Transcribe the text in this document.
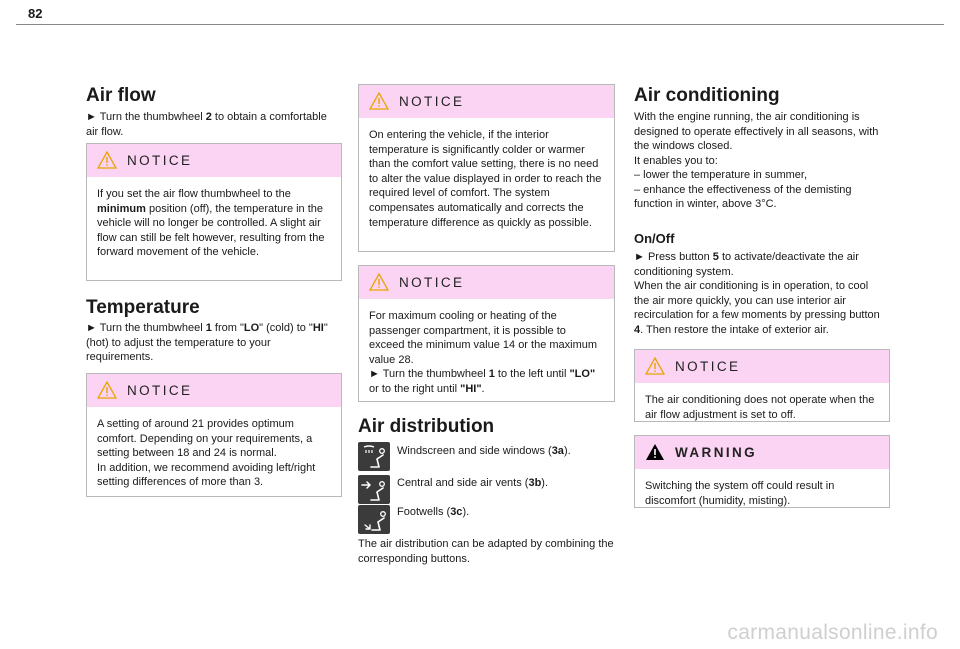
82
Air flow
► Turn the thumbwheel 2 to obtain a comfortable air flow.
NOTICE
If you set the air flow thumbwheel to the minimum position (off), the temperature in the vehicle will no longer be controlled. A slight air flow can still be felt however, resulting from the forward movement of the vehicle.
Temperature
► Turn the thumbwheel 1 from "LO" (cold) to "HI" (hot) to adjust the temperature to your requirements.
NOTICE
A setting of around 21 provides optimum comfort. Depending on your requirements, a setting between 18 and 24 is normal.
In addition, we recommend avoiding left/right setting differences of more than 3.
NOTICE
On entering the vehicle, if the interior temperature is significantly colder or warmer than the comfort value setting, there is no need to alter the value displayed in order to reach the required level of comfort. The system compensates automatically and corrects the temperature difference as quickly as possible.
NOTICE
For maximum cooling or heating of the passenger compartment, it is possible to exceed the minimum value 14 or the maximum value 28.
► Turn the thumbwheel 1 to the left until "LO" or to the right until "HI".
Air distribution
Windscreen and side windows (3a).
Central and side air vents (3b).
Footwells (3c).
The air distribution can be adapted by combining the corresponding buttons.
Air conditioning
With the engine running, the air conditioning is designed to operate effectively in all seasons, with the windows closed.
It enables you to:
– lower the temperature in summer,
– enhance the effectiveness of the demisting function in winter, above 3°C.
On/Off
► Press button 5 to activate/deactivate the air conditioning system.
When the air conditioning is in operation, to cool the air more quickly, you can use interior air recirculation for a few moments by pressing button 4. Then restore the intake of exterior air.
NOTICE
The air conditioning does not operate when the air flow adjustment is set to off.
WARNING
Switching the system off could result in discomfort (humidity, misting).
carmanualsonline.info
